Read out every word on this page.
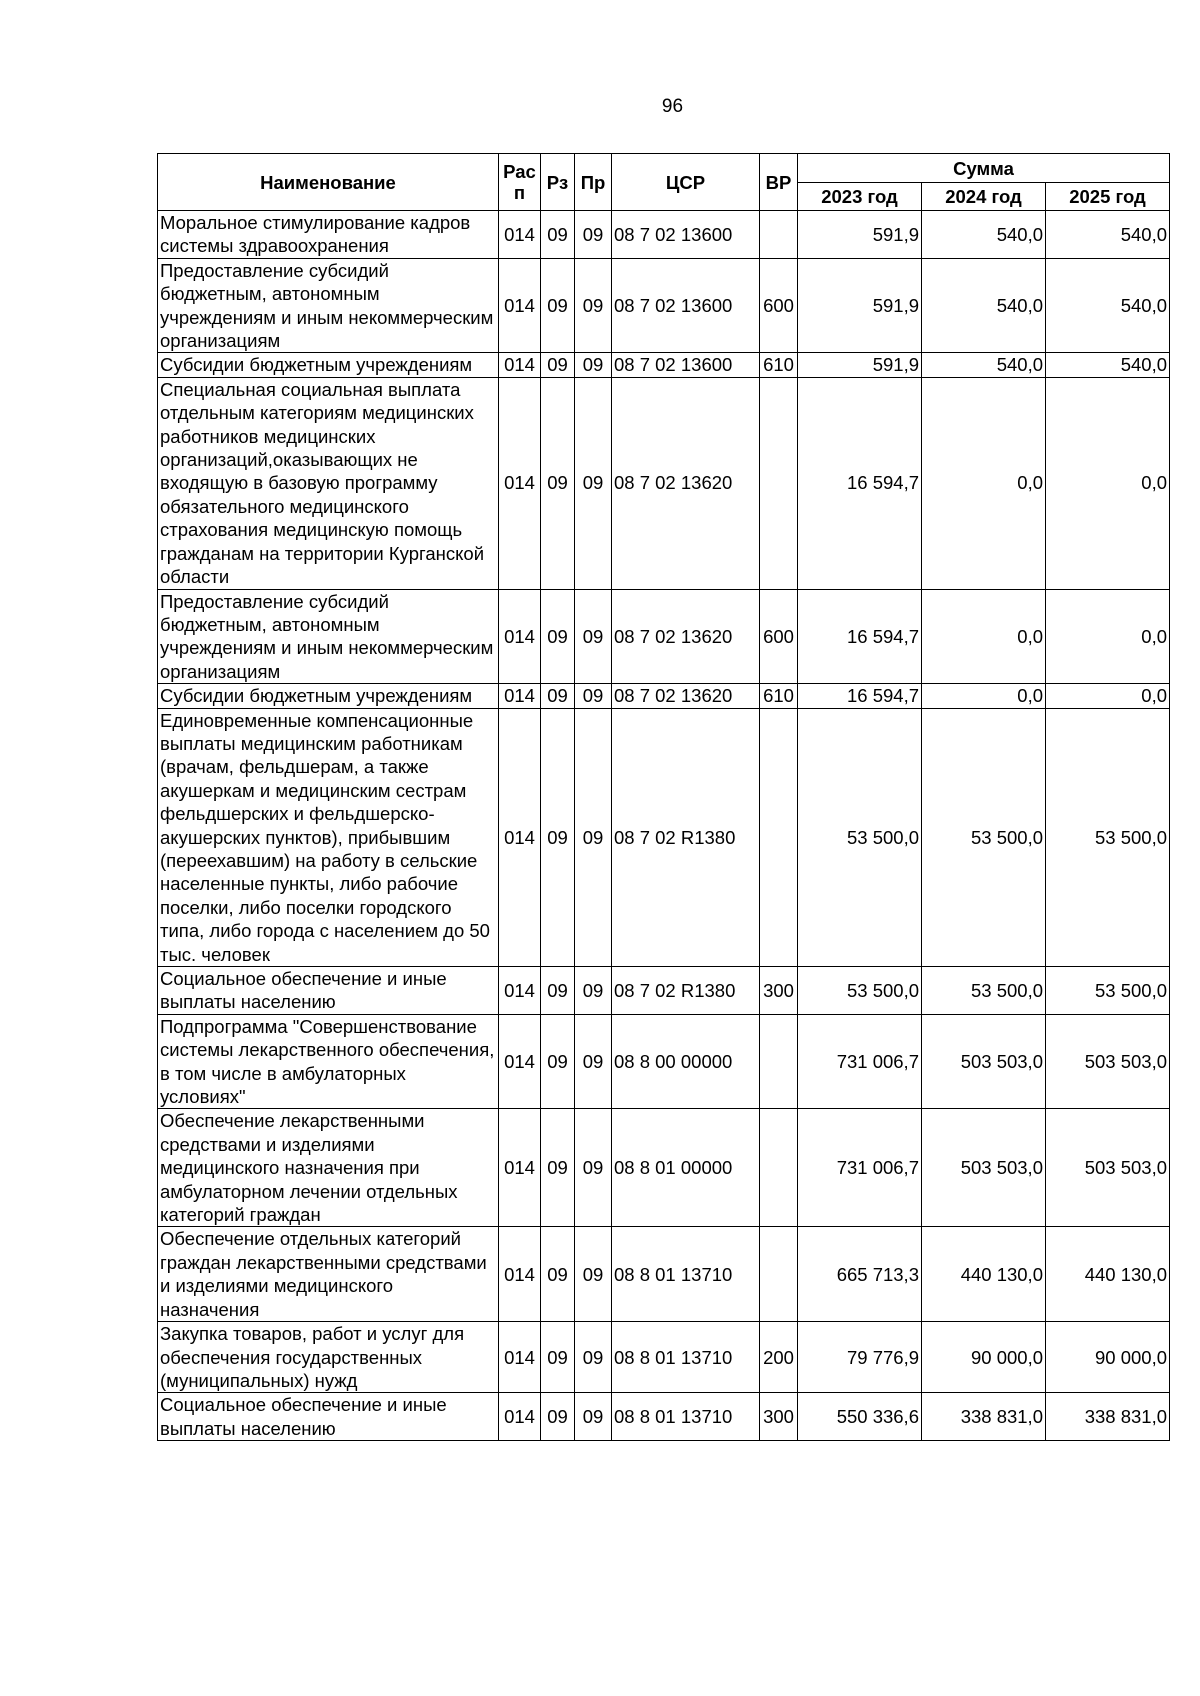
96
Наименование	Рас п	Рз	Пр	ЦСР	ВР	Сумма		
						2023 год	2024 год	2025 год
Моральное стимулирование кадров системы здравоохранения	014	09	09	08 7 02 13600		591,9	540,0	540,0
Предоставление субсидий бюджетным, автономным учреждениям и иным некоммерческим организациям	014	09	09	08 7 02 13600	600	591,9	540,0	540,0
Субсидии бюджетным учреждениям	014	09	09	08 7 02 13600	610	591,9	540,0	540,0
Специальная социальная выплата отдельным категориям медицинских работников медицинских организаций,оказывающих не входящую в базовую программу обязательного медицинского страхования медицинскую помощь гражданам на территории Курганской области	014	09	09	08 7 02 13620		16 594,7	0,0	0,0
Предоставление субсидий бюджетным, автономным учреждениям и иным некоммерческим организациям	014	09	09	08 7 02 13620	600	16 594,7	0,0	0,0
Субсидии бюджетным учреждениям	014	09	09	08 7 02 13620	610	16 594,7	0,0	0,0
Единовременные компенсационные выплаты медицинским работникам (врачам, фельдшерам, а также акушеркам и медицинским сестрам фельдшерских и фельдшерско-акушерских пунктов), прибывшим (переехавшим) на работу в сельские населенные пункты, либо рабочие поселки, либо поселки городского типа, либо города с населением до 50 тыс. человек	014	09	09	08 7 02 R1380		53 500,0	53 500,0	53 500,0
Социальное обеспечение и иные выплаты населению	014	09	09	08 7 02 R1380	300	53 500,0	53 500,0	53 500,0
Подпрограмма "Совершенствование системы лекарственного обеспечения, в том числе в амбулаторных условиях"	014	09	09	08 8 00 00000		731 006,7	503 503,0	503 503,0
Обеспечение лекарственными средствами и изделиями медицинского назначения при амбулаторном лечении отдельных категорий граждан	014	09	09	08 8 01 00000		731 006,7	503 503,0	503 503,0
Обеспечение отдельных категорий граждан лекарственными средствами и изделиями медицинского назначения	014	09	09	08 8 01 13710		665 713,3	440 130,0	440 130,0
Закупка товаров, работ и услуг для обеспечения государственных (муниципальных) нужд	014	09	09	08 8 01 13710	200	79 776,9	90 000,0	90 000,0
Социальное обеспечение и иные выплаты населению	014	09	09	08 8 01 13710	300	550 336,6	338 831,0	338 831,0
